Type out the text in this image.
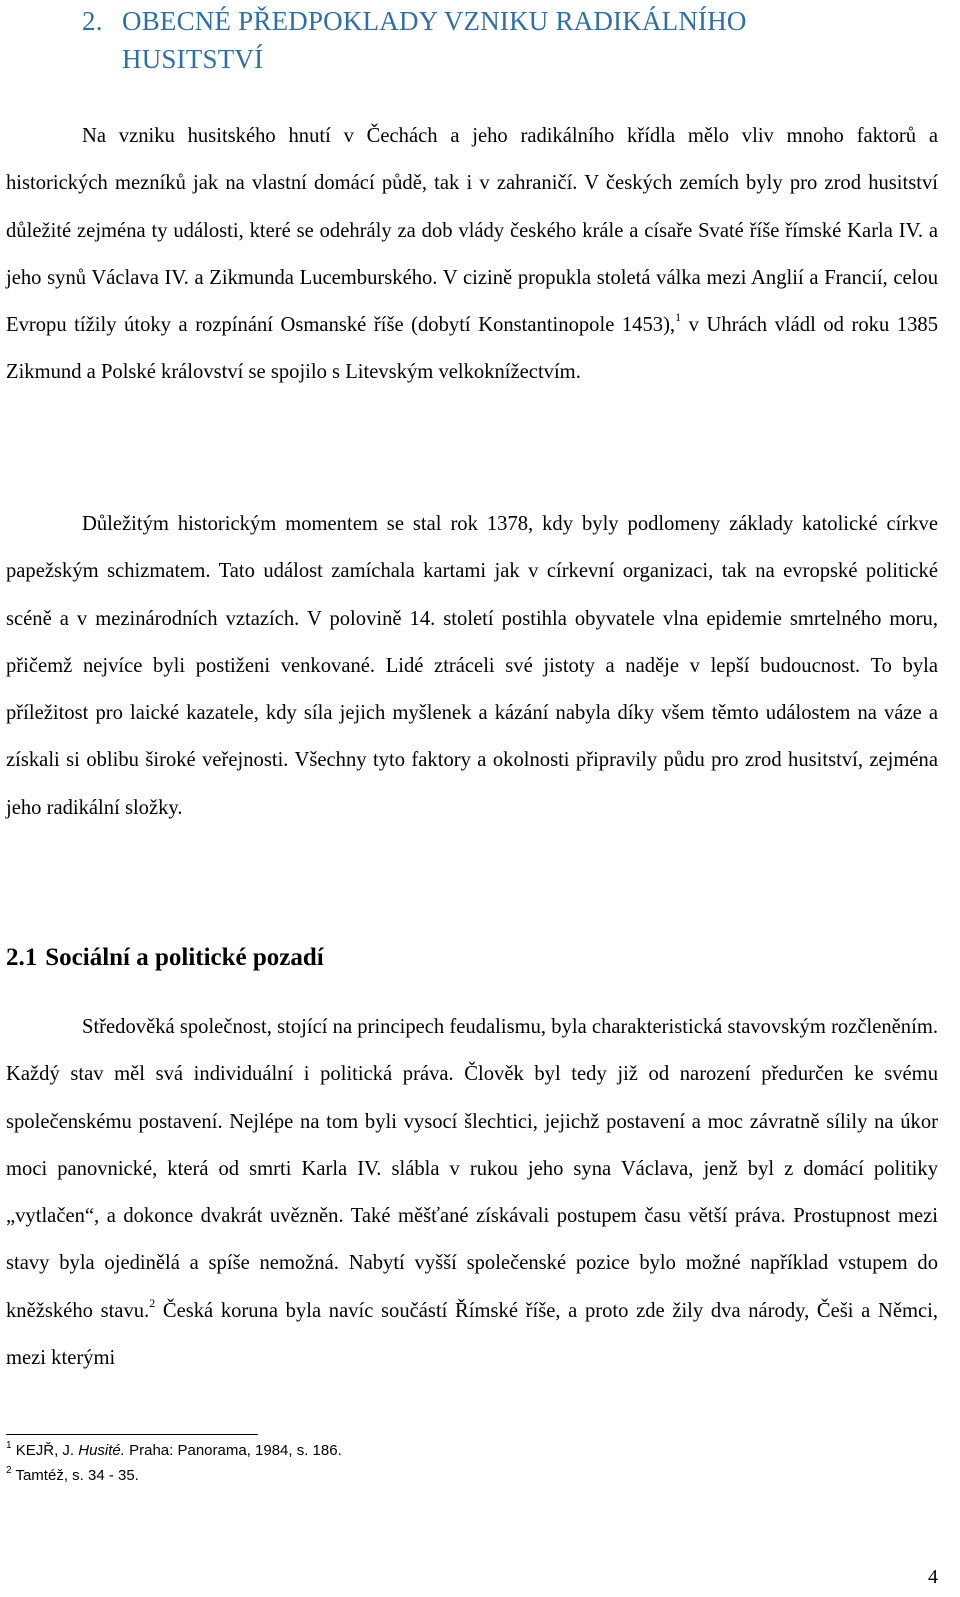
2. OBECNÉ PŘEDPOKLADY VZNIKU RADIKÁLNÍHO HUSITSTVÍ

Na vzniku husitského hnutí v Čechách a jeho radikálního křídla mělo vliv mnoho faktorů a historických mezníků jak na vlastní domácí půdě, tak i v zahraničí. V českých zemích byly pro zrod husitství důležité zejména ty události, které se odehrály za dob vlády českého krále a císaře Svaté říše římské Karla IV. a jeho synů Václava IV. a Zikmunda Lucemburského. V cizině propukla stoletá válka mezi Anglií a Francií, celou Evropu tížily útoky a rozpínání Osmanské říše (dobytí Konstantinopole 1453),$^1$ v Uhrách vládl od roku 1385 Zikmund a Polské království se spojilo s Litevským velkoknížectvím.

Důležitým historickým momentem se stal rok 1378, kdy byly podlomeny základy katolické církve papežským schizmatem. Tato událost zamíchala kartami jak v církevní organizaci, tak na evropské politické scéně a v mezinárodních vztazích. V polovině 14. století postihla obyvatele vlna epidemie smrtelného moru, přičemž nejvíce byli postiženi venkované. Lidé ztráceli své jistoty a naděje v lepší budoucnost. To byla příležitost pro laické kazatele, kdy síla jejich myšlenek a kázání nabyla díky všem těmto událostem na váze a získali si oblibu široké veřejnosti. Všechny tyto faktory a okolnosti připravily půdu pro zrod husitství, zejména jeho radikální složky.

2.1 Sociální a politické pozadí

Středověká společnost, stojící na principech feudalismu, byla charakteristická stavovským rozčleněním. Každý stav měl svá individuální i politická práva. Člověk byl tedy již od narození předurčen ke svému společenskému postavení. Nejlépe na tom byli vysocí šlechtici, jejichž postavení a moc závratně sílily na úkor moci panovnické, která od smrti Karla IV. slábla v rukou jeho syna Václava, jenž byl z domácí politiky „vytlačen“, a dokonce dvakrát uvězněn. Také měšťané získávali postupem času větší práva. Prostupnost mezi stavy byla ojedinělá a spíše nemožná. Nabytí vyšší společenské pozice bylo možné například vstupem do kněžského stavu.$^2$ Česká koruna byla navíc součástí Římské říše, a proto zde žily dva národy, Češi a Němci, mezi kterými

$^1$ KEJŘ, J. Husité. Praha: Panorama, 1984, s. 186.
$^2$ Tamtéž, s. 34 - 35.
4
